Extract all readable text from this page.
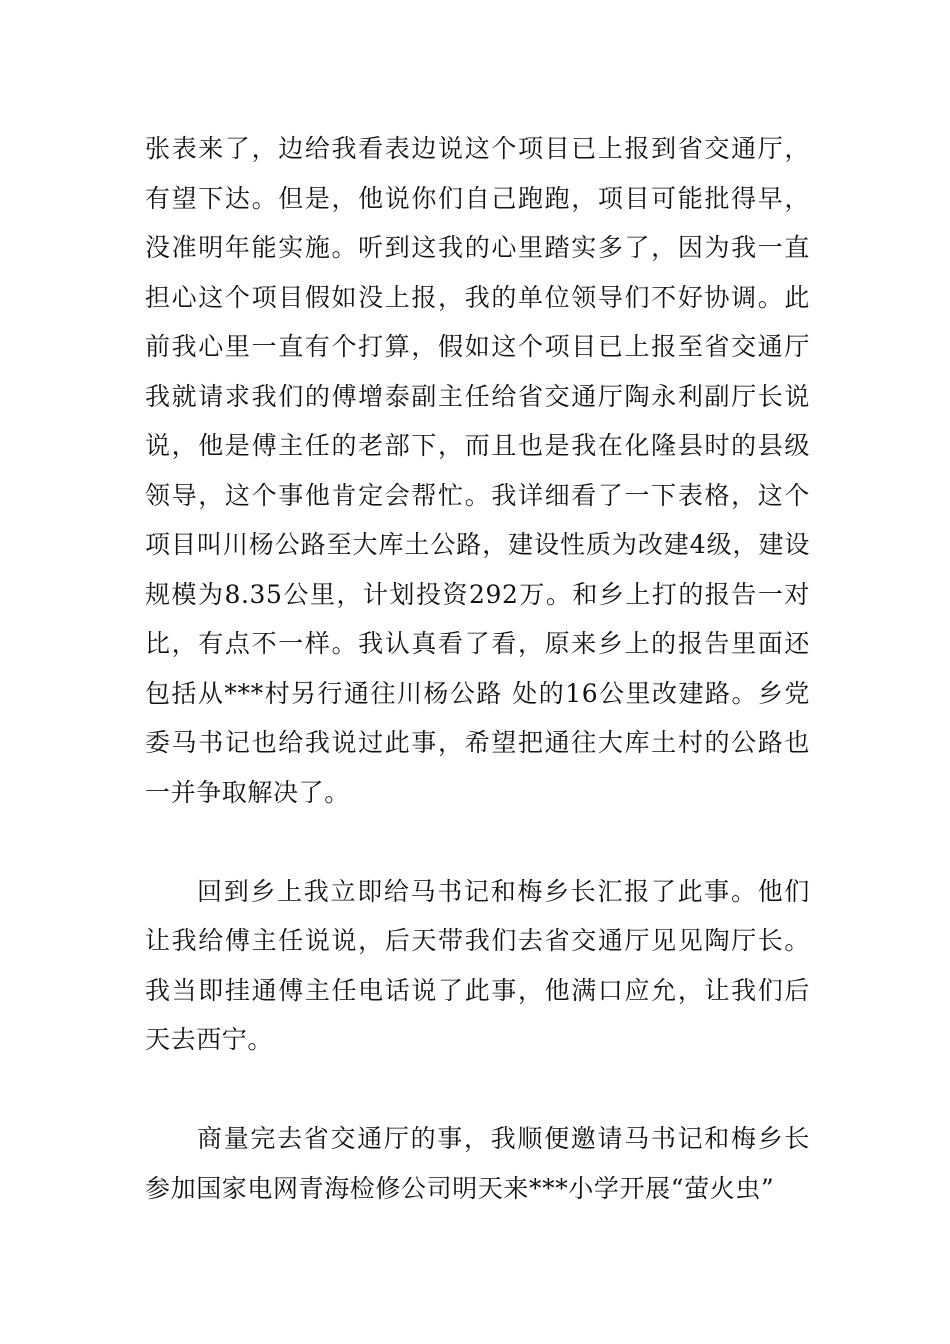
张表来了，边给我看表边说这个项目已上报到省交通厅，有望下达。但是，他说你们自己跑跑，项目可能批得早，没准明年能实施。听到这我的心里踏实多了，因为我一直担心这个项目假如没上报，我的单位领导们不好协调。此前我心里一直有个打算，假如这个项目已上报至省交通厅我就请求我们的傅增泰副主任给省交通厅陶永利副厅长说说，他是傅主任的老部下，而且也是我在化隆县时的县级领导，这个事他肯定会帮忙。我详细看了一下表格，这个项目叫川杨公路至大库土公路，建设性质为改建4级，建设规模为8.35公里，计划投资292万。和乡上打的报告一对比，有点不一样。我认真看了看，原来乡上的报告里面还包括从***村另行通往川杨公路 处的16公里改建路。乡党委马书记也给我说过此事，希望把通往大库土村的公路也一并争取解决了。

回到乡上我立即给马书记和梅乡长汇报了此事。他们让我给傅主任说说，后天带我们去省交通厅见见陶厅长。我当即挂通傅主任电话说了此事，他满口应允，让我们后天去西宁。

商量完去省交通厅的事，我顺便邀请马书记和梅乡长参加国家电网青海检修公司明天来***小学开展“萤火虫”
